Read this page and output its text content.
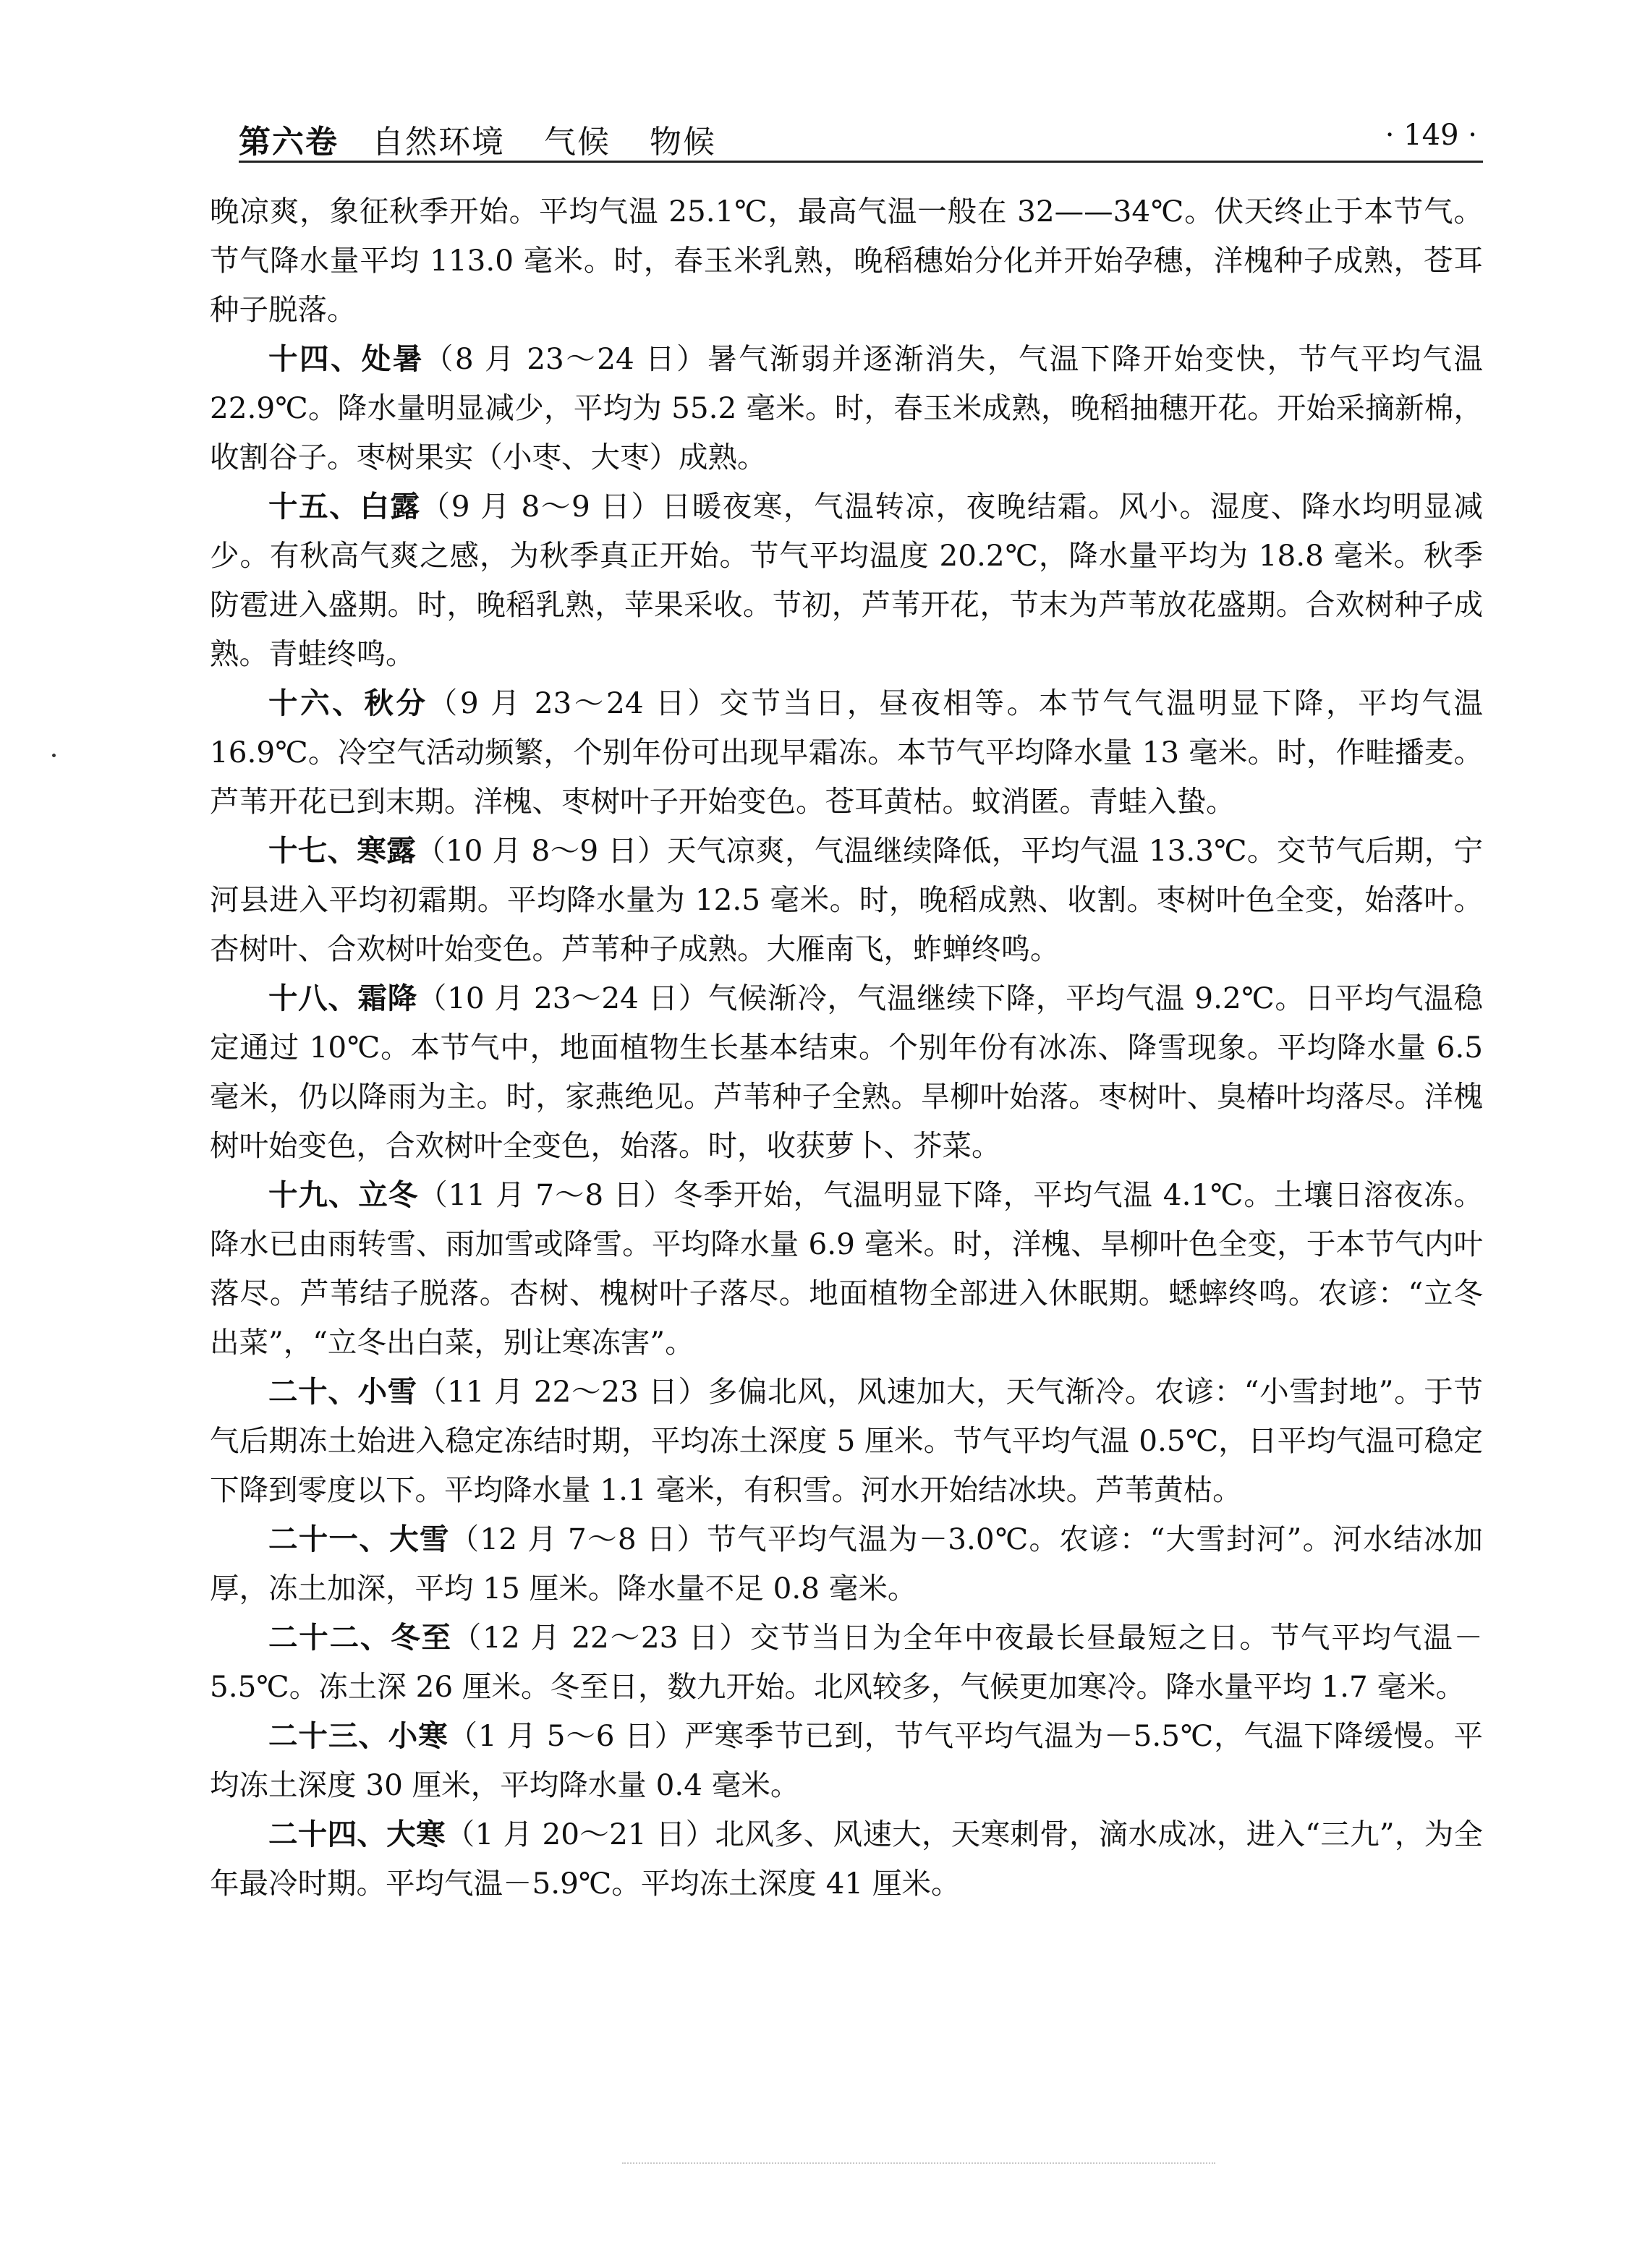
第六卷 自然环境 气候 物候	· 149 ·

晚凉爽，象征秋季开始。平均气温 25.1℃，最高气温一般在 32——34℃。伏天终止于本节气。节气降水量平均 113.0 毫米。时，春玉米乳熟，晚稻穗始分化并开始孕穗，洋槐种子成熟，苍耳种子脱落。

十四、处暑（8 月 23～24 日）暑气渐弱并逐渐消失，气温下降开始变快，节气平均气温 22.9℃。降水量明显减少，平均为 55.2 毫米。时，春玉米成熟，晚稻抽穗开花。开始采摘新棉，收割谷子。枣树果实（小枣、大枣）成熟。

十五、白露（9 月 8～9 日）日暖夜寒，气温转凉，夜晚结霜。风小。湿度、降水均明显减少。有秋高气爽之感，为秋季真正开始。节气平均温度 20.2℃，降水量平均为 18.8 毫米。秋季防雹进入盛期。时，晚稻乳熟，苹果采收。节初，芦苇开花，节末为芦苇放花盛期。合欢树种子成熟。青蛙终鸣。

十六、秋分（9 月 23～24 日）交节当日，昼夜相等。本节气气温明显下降，平均气温 16.9℃。冷空气活动频繁，个别年份可出现早霜冻。本节气平均降水量 13 毫米。时，作畦播麦。芦苇开花已到末期。洋槐、枣树叶子开始变色。苍耳黄枯。蚊消匿。青蛙入蛰。

十七、寒露（10 月 8～9 日）天气凉爽，气温继续降低，平均气温 13.3℃。交节气后期，宁河县进入平均初霜期。平均降水量为 12.5 毫米。时，晚稻成熟、收割。枣树叶色全变，始落叶。杏树叶、合欢树叶始变色。芦苇种子成熟。大雁南飞，蚱蝉终鸣。

十八、霜降（10 月 23～24 日）气候渐冷，气温继续下降，平均气温 9.2℃。日平均气温稳定通过 10℃。本节气中，地面植物生长基本结束。个别年份有冰冻、降雪现象。平均降水量 6.5 毫米，仍以降雨为主。时，家燕绝见。芦苇种子全熟。旱柳叶始落。枣树叶、臭椿叶均落尽。洋槐树叶始变色，合欢树叶全变色，始落。时，收获萝卜、芥菜。

十九、立冬（11 月 7～8 日）冬季开始，气温明显下降，平均气温 4.1℃。土壤日溶夜冻。降水已由雨转雪、雨加雪或降雪。平均降水量 6.9 毫米。时，洋槐、旱柳叶色全变，于本节气内叶落尽。芦苇结子脱落。杏树、槐树叶子落尽。地面植物全部进入休眠期。蟋蟀终鸣。农谚：“立冬出菜”，“立冬出白菜，别让寒冻害”。

二十、小雪（11 月 22～23 日）多偏北风，风速加大，天气渐冷。农谚：“小雪封地”。于节气后期冻土始进入稳定冻结时期，平均冻土深度 5 厘米。节气平均气温 0.5℃，日平均气温可稳定下降到零度以下。平均降水量 1.1 毫米，有积雪。河水开始结冰块。芦苇黄枯。

二十一、大雪（12 月 7～8 日）节气平均气温为－3.0℃。农谚：“大雪封河”。河水结冰加厚，冻土加深，平均 15 厘米。降水量不足 0.8 毫米。

二十二、冬至（12 月 22～23 日）交节当日为全年中夜最长昼最短之日。节气平均气温－5.5℃。冻土深 26 厘米。冬至日，数九开始。北风较多，气候更加寒冷。降水量平均 1.7 毫米。

二十三、小寒（1 月 5～6 日）严寒季节已到，节气平均气温为－5.5℃，气温下降缓慢。平均冻土深度 30 厘米，平均降水量 0.4 毫米。

二十四、大寒（1 月 20～21 日）北风多、风速大，天寒刺骨，滴水成冰，进入“三九”，为全年最冷时期。平均气温－5.9℃。平均冻土深度 41 厘米。
